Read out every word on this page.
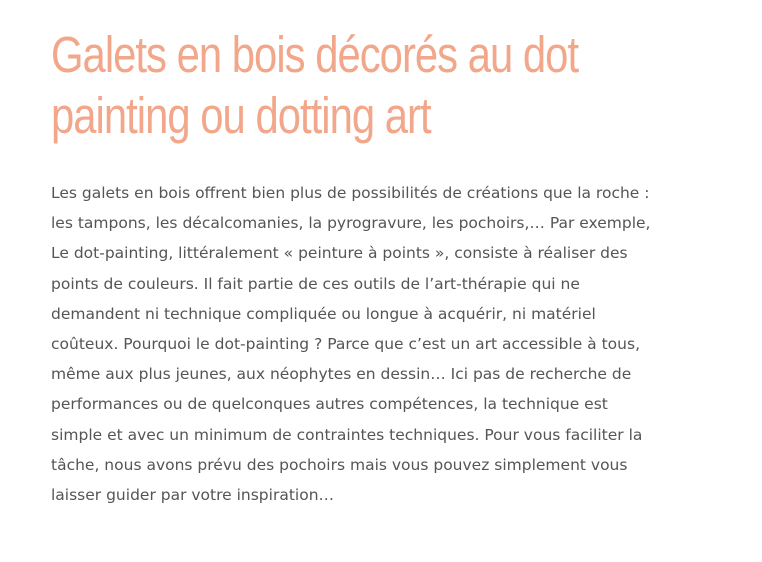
Galets en bois décorés au dot
painting ou dotting art

Les galets en bois offrent bien plus de possibilités de créations que la roche :
les tampons, les décalcomanies, la pyrogravure, les pochoirs,… Par exemple,
Le dot-painting, littéralement « peinture à points », consiste à réaliser des
points de couleurs. Il fait partie de ces outils de l’art-thérapie qui ne
demandent ni technique compliquée ou longue à acquérir, ni matériel
coûteux. Pourquoi le dot-painting ? Parce que c’est un art accessible à tous,
même aux plus jeunes, aux néophytes en dessin… Ici pas de recherche de
performances ou de quelconques autres compétences, la technique est
simple et avec un minimum de contraintes techniques. Pour vous faciliter la
tâche, nous avons prévu des pochoirs mais vous pouvez simplement vous
laisser guider par votre inspiration…
